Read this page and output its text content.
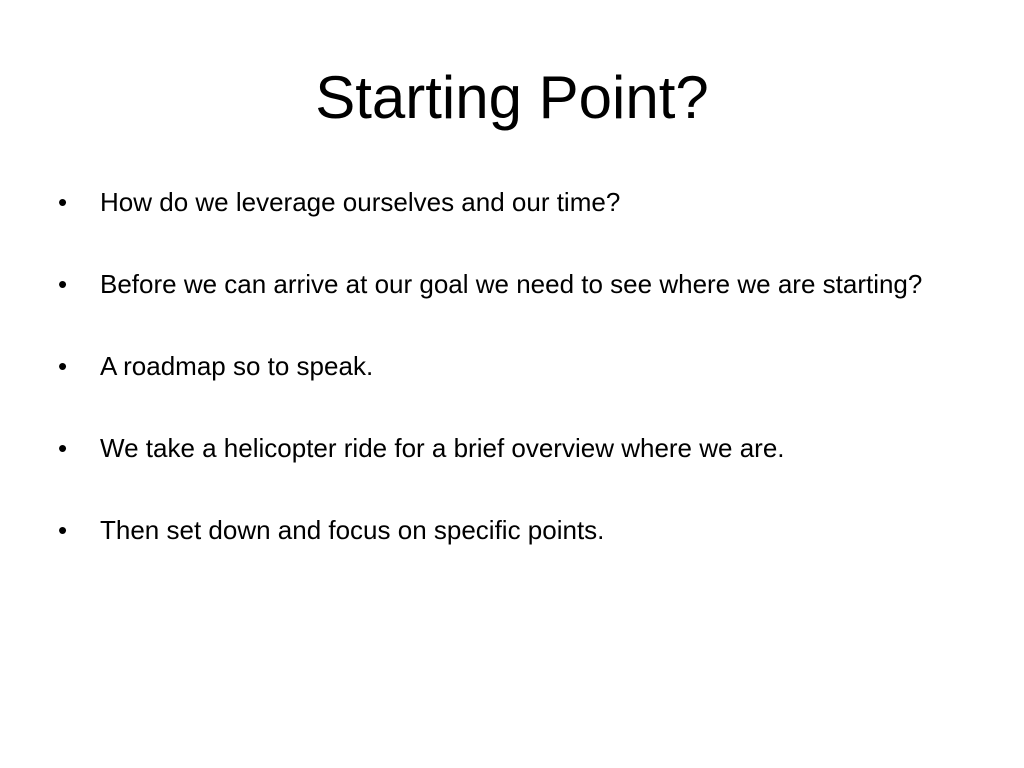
Starting Point?
•	How do we leverage ourselves and our time?
•	Before we can arrive at our goal we need to see where we are starting?
•	A roadmap so to speak.
•	We take a helicopter ride for a brief overview where we are.
•	Then set down and focus on specific points.
